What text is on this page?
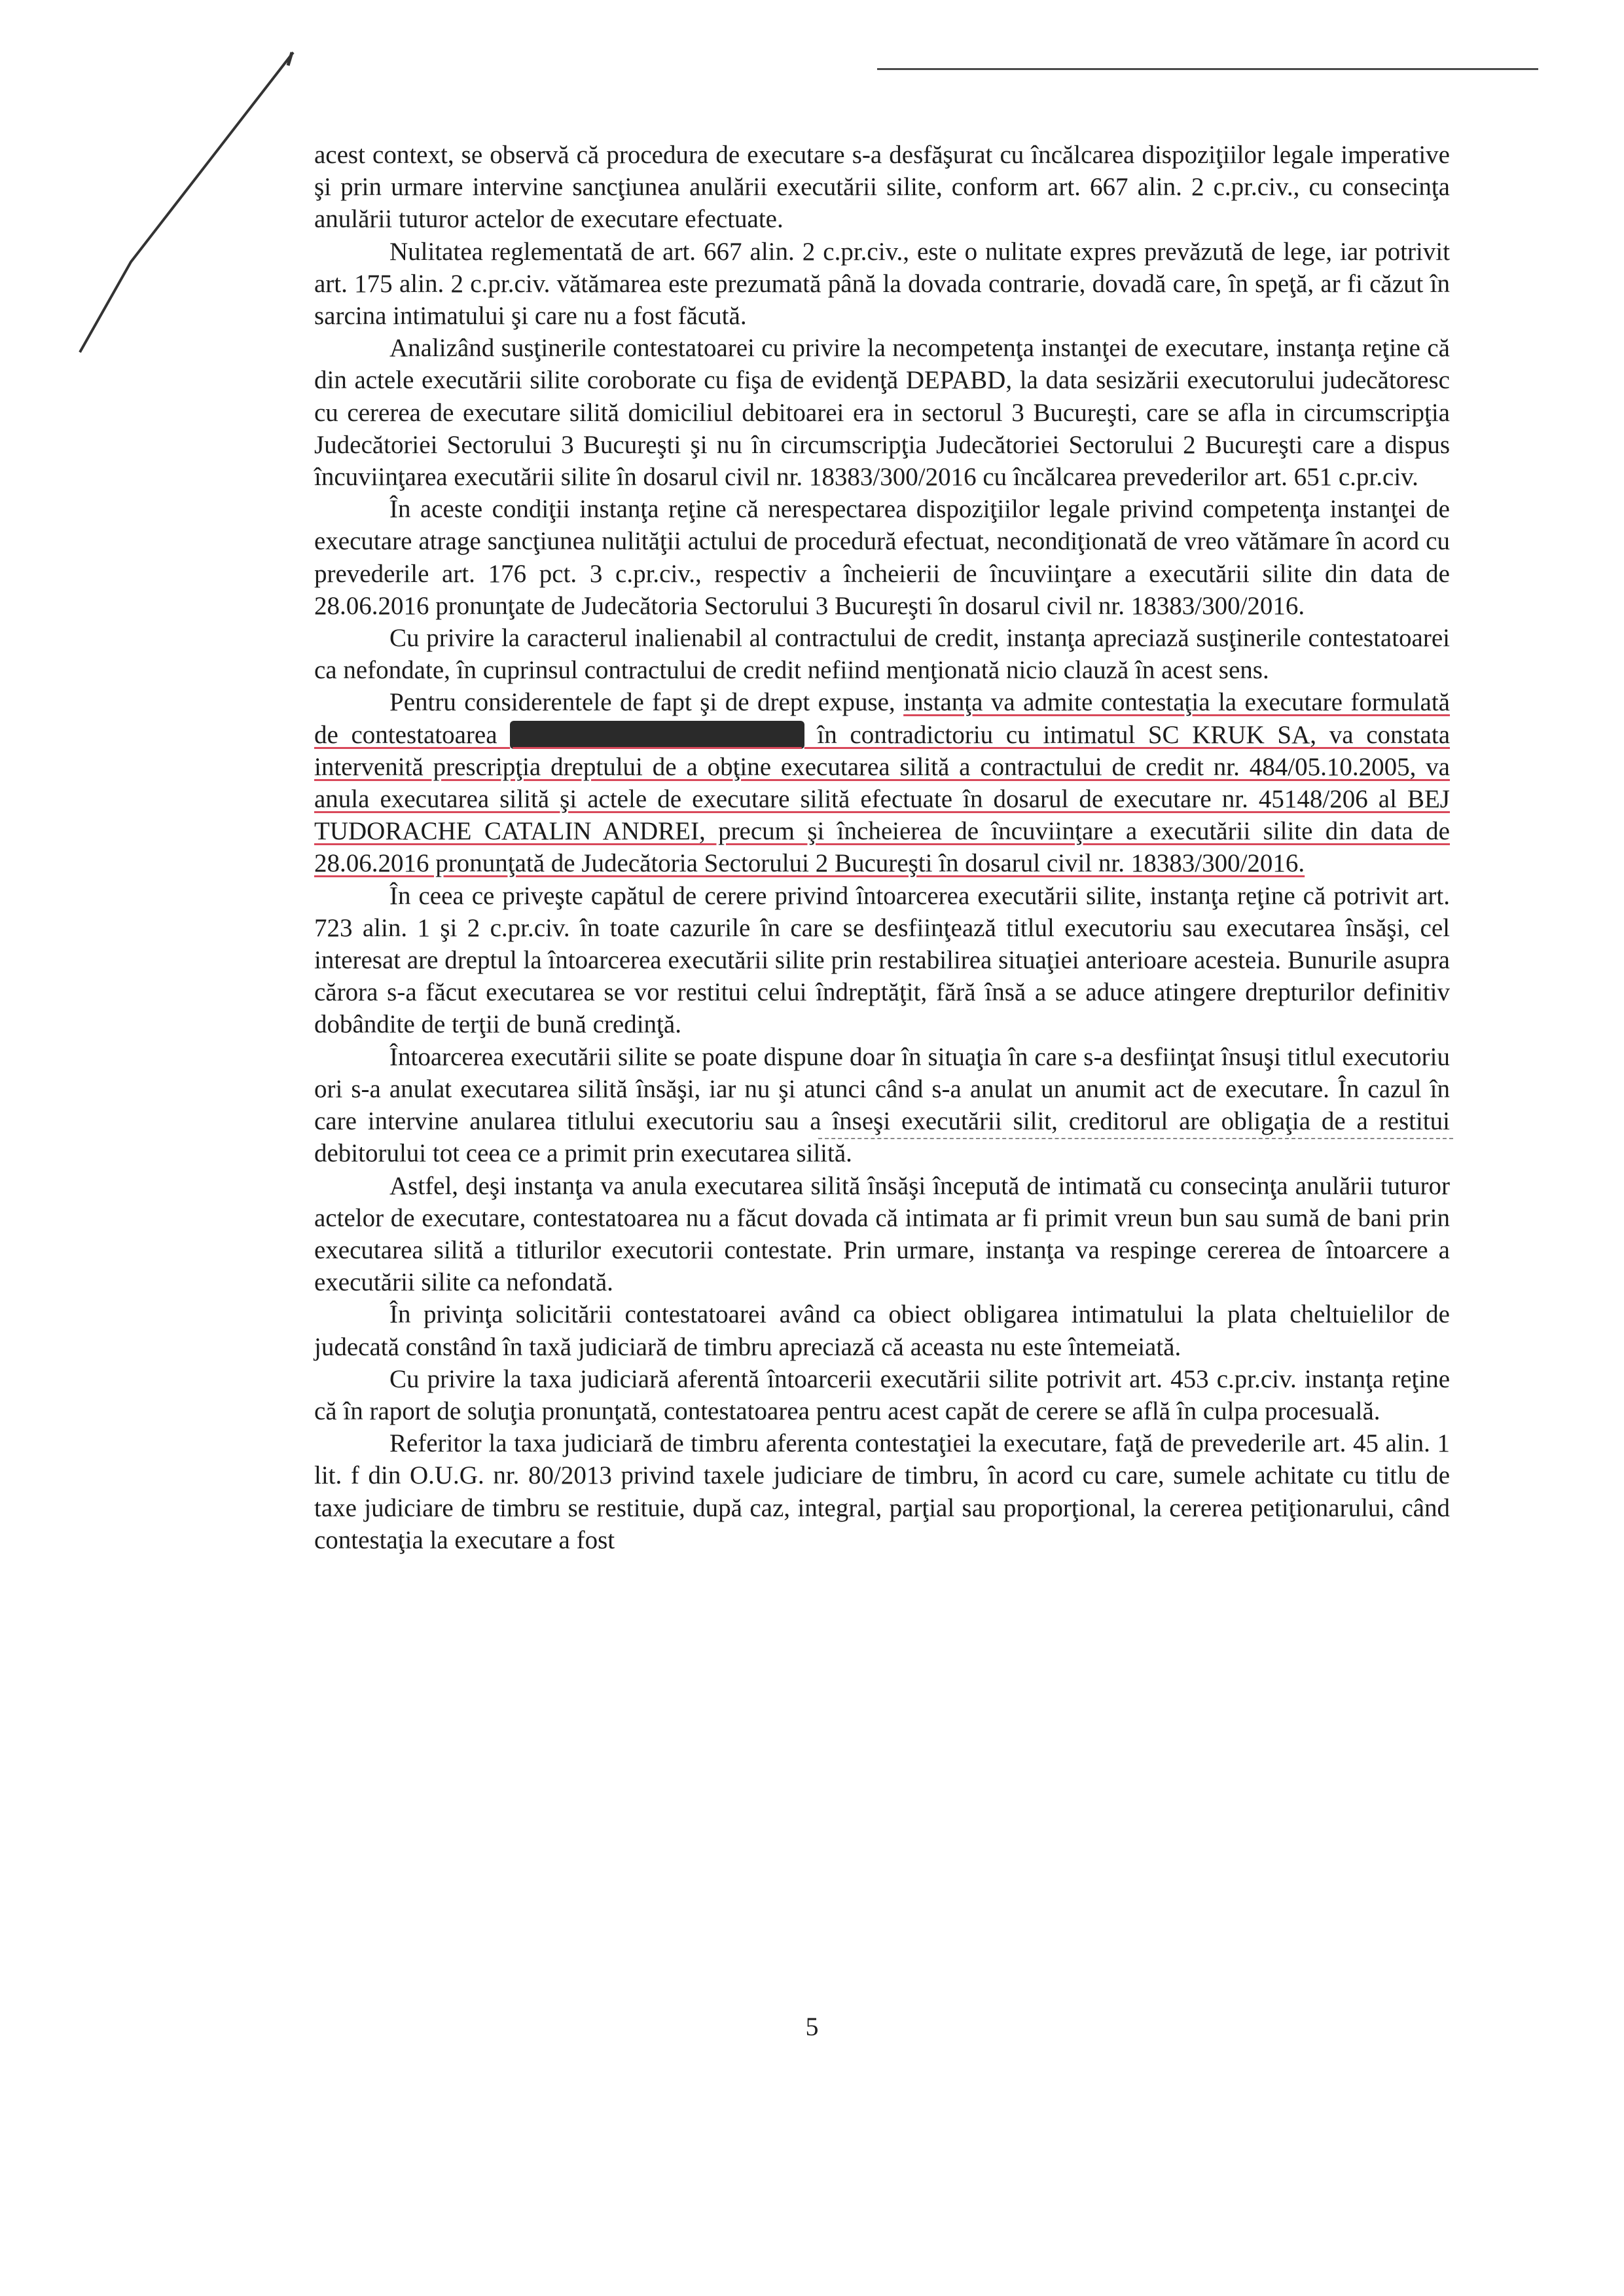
acest context, se observă că procedura de executare s-a desfăşurat cu încălcarea dispoziţiilor legale imperative şi prin urmare intervine sancţiunea anulării executării silite, conform art. 667 alin. 2 c.pr.civ., cu consecinţa anulării tuturor actelor de executare efectuate.

Nulitatea reglementată de art. 667 alin. 2 c.pr.civ., este o nulitate expres prevăzută de lege, iar potrivit art. 175 alin. 2 c.pr.civ. vătămarea este prezumată până la dovada contrarie, dovadă care, în speţă, ar fi căzut în sarcina intimatului şi care nu a fost făcută.

Analizând susţinerile contestatoarei cu privire la necompetenţa instanţei de executare, instanţa reţine că din actele executării silite coroborate cu fişa de evidenţă DEPABD, la data sesizării executorului judecătoresc cu cererea de executare silită domiciliul debitoarei era in sectorul 3 Bucureşti, care se afla in circumscripţia Judecătoriei Sectorului 3 Bucureşti şi nu în circumscripţia Judecătoriei Sectorului 2 Bucureşti care a dispus încuviinţarea executării silite în dosarul civil nr. 18383/300/2016 cu încălcarea prevederilor art. 651 c.pr.civ.

În aceste condiţii instanţa reţine că nerespectarea dispoziţiilor legale privind competenţa instanţei de executare atrage sancţiunea nulităţii actului de procedură efectuat, necondiţionată de vreo vătămare în acord cu prevederile art. 176 pct. 3 c.pr.civ., respectiv a încheierii de încuviinţare a executării silite din data de 28.06.2016 pronunţate de Judecătoria Sectorului 3 Bucureşti în dosarul civil nr. 18383/300/2016.

Cu privire la caracterul inalienabil al contractului de credit, instanţa apreciază susţinerile contestatoarei ca nefondate, în cuprinsul contractului de credit nefiind menţionată nicio clauză în acest sens.

Pentru considerentele de fapt şi de drept expuse, instanţa va admite contestaţia la executare formulată de contestatoarea	în contradictoriu cu intimatul SC KRUK SA, va constata intervenită prescripţia dreptului de a obţine executarea silită a contractului de credit nr. 484/05.10.2005, va anula executarea silită şi actele de executare silită efectuate în dosarul de executare nr. 45148/206 al BEJ TUDORACHE CATALIN ANDREI, precum şi încheierea de încuviinţare a executării silite din data de 28.06.2016 pronunţată de Judecătoria Sectorului 2 Bucureşti în dosarul civil nr. 18383/300/2016.

În ceea ce priveşte capătul de cerere privind întoarcerea executării silite, instanţa reţine că potrivit art. 723 alin. 1 şi 2 c.pr.civ. în toate cazurile în care se desfiinţează titlul executoriu sau executarea însăşi, cel interesat are dreptul la întoarcerea executării silite prin restabilirea situaţiei anterioare acesteia. Bunurile asupra cărora s-a făcut executarea se vor restitui celui îndreptăţit, fără însă a se aduce atingere drepturilor definitiv dobândite de terţii de bună credinţă.

Întoarcerea executării silite se poate dispune doar în situaţia în care s-a desfiinţat însuşi titlul executoriu ori s-a anulat executarea silită însăşi, iar nu şi atunci când s-a anulat un anumit act de executare. În cazul în care intervine anularea titlului executoriu sau a înseşi executării silit, creditorul are obligaţia de a restitui debitorului tot ceea ce a primit prin executarea silită.

Astfel, deşi instanţa va anula executarea silită însăşi începută de intimată cu consecinţa anulării tuturor actelor de executare, contestatoarea nu a făcut dovada că intimata ar fi primit vreun bun sau sumă de bani prin executarea silită a titlurilor executorii contestate. Prin urmare, instanţa va respinge cererea de întoarcere a executării silite ca nefondată.

În privinţa solicitării contestatoarei având ca obiect obligarea intimatului la plata cheltuielilor de judecată constând în taxă judiciară de timbru apreciază că aceasta nu este întemeiată.

Cu privire la taxa judiciară aferentă întoarcerii executării silite potrivit art. 453 c.pr.civ. instanţa reţine că în raport de soluţia pronunţată, contestatoarea pentru acest capăt de cerere se află în culpa procesuală.

Referitor la taxa judiciară de timbru aferenta contestaţiei la executare, faţă de prevederile art. 45 alin. 1 lit. f din O.U.G. nr. 80/2013 privind taxele judiciare de timbru, în acord cu care, sumele achitate cu titlu de taxe judiciare de timbru se restituie, după caz, integral, parţial sau proporţional, la cererea petiţionarului, când contestaţia la executare a fost

5
